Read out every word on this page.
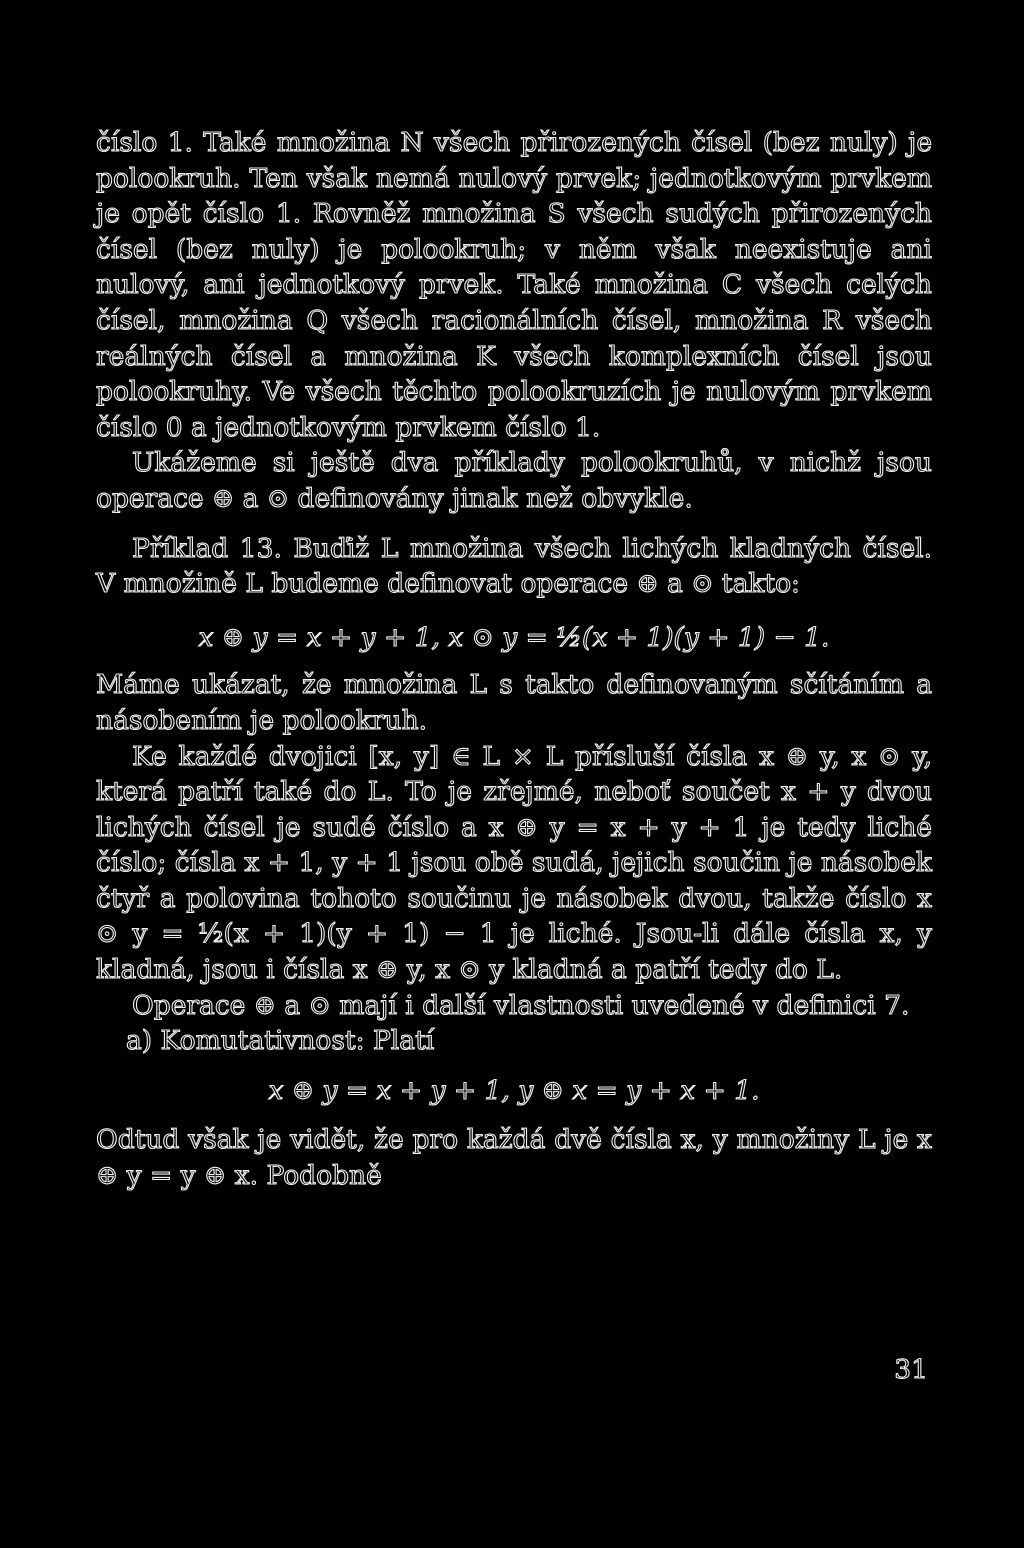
číslo 1. Také množina N všech přirozených čísel (bez nuly) je polookruh. Ten však nemá nulový prvek; jednotkovým prvkem je opět číslo 1. Rovněž množina S všech sudých přirozených čísel (bez nuly) je polookruh; v něm však neexistuje ani nulový, ani jednotkový prvek. Také množina C všech celých čísel, množina Q všech racionálních čísel, množina R všech reálných čísel a množina K všech komplexních čísel jsou polookruhy. Ve všech těchto polookruzích je nulovým prvkem číslo 0 a jednotkovým prvkem číslo 1.

Ukážeme si ještě dva příklady polookruhů, v nichž jsou operace ⊕ a ⊙ definovány jinak než obvykle.

Příklad 13. Buďiž L množina všech lichých kladných čísel. V množině L budeme definovat operace ⊕ a ⊙ takto:

x ⊕ y = x + y + 1, x ⊙ y = ½(x + 1)(y + 1) − 1.

Máme ukázat, že množina L s takto definovaným sčítáním a násobením je polookruh.

Ke každé dvojici [x, y] ∈ L × L přísluší čísla x ⊕ y, x ⊙ y, která patří také do L. To je zřejmé, neboť součet x + y dvou lichých čísel je sudé číslo a x ⊕ y = x + y + 1 je tedy liché číslo; čísla x + 1, y + 1 jsou obě sudá, jejich součin je násobek čtyř a polovina tohoto součinu je násobek dvou, takže číslo x ⊙ y = ½(x + 1)(y + 1) − 1 je liché. Jsou-li dále čísla x, y kladná, jsou i čísla x ⊕ y, x ⊙ y kladná a patří tedy do L.

Operace ⊕ a ⊙ mají i další vlastnosti uvedené v definici 7.

a) Komutativnost: Platí

x ⊕ y = x + y + 1, y ⊕ x = y + x + 1.

Odtud však je vidět, že pro každá dvě čísla x, y množiny L je x ⊕ y = y ⊕ x. Podobně

31
